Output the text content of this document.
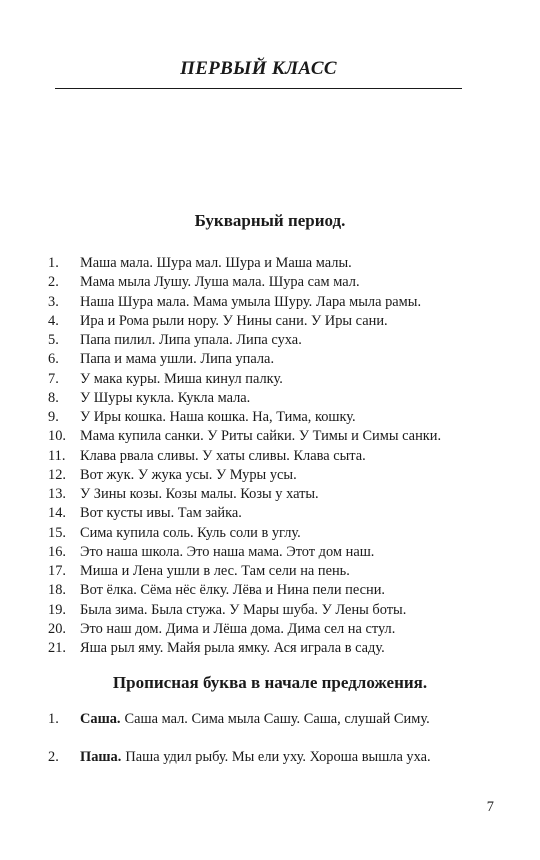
ПЕРВЫЙ КЛАСС
Букварный период.
1.	Маша мала. Шура мал. Шура и Маша малы.
2.	Мама мыла Лушу. Луша мала. Шура сам мал.
3.	Наша Шура мала. Мама умыла Шуру. Лара мыла рамы.
4.	Ира и Рома рыли нору. У Нины сани. У Иры сани.
5.	Папа пилил. Липа упала. Липа суха.
6.	Папа и мама ушли. Липа упала.
7.	У мака куры. Миша кинул палку.
8.	У Шуры кукла. Кукла мала.
9.	У Иры кошка. Наша кошка. На, Тима, кошку.
10. Мама купила санки. У Риты сайки. У Тимы и Симы санки.
11.	Клава рвала сливы. У хаты сливы. Клава сыта.
12. Вот жук. У жука усы. У Муры усы.
13. У Зины козы. Козы малы. Козы у хаты.
14. Вот кусты ивы. Там зайка.
15. Сима купила соль. Куль соли в углу.
16. Это наша школа. Это наша мама. Этот дом наш.
17. Миша и Лена ушли в лес. Там сели на пень.
18. Вот ёлка. Сёма нёс ёлку. Лёва и Нина пели песни.
19. Была зима. Была стужа. У Мары шуба. У Лены боты.
20. Это наш дом. Дима и Лёша дома. Дима сел на стул.
21. Яша рыл яму. Майя рыла ямку. Ася играла в саду.
Прописная буква в начале предложения.
1.	Саша. Саша мал. Сима мыла Сашу. Саша, слушай Симу.
2.	Паша. Паша удил рыбу. Мы ели уху. Хороша вышла уха.
7
